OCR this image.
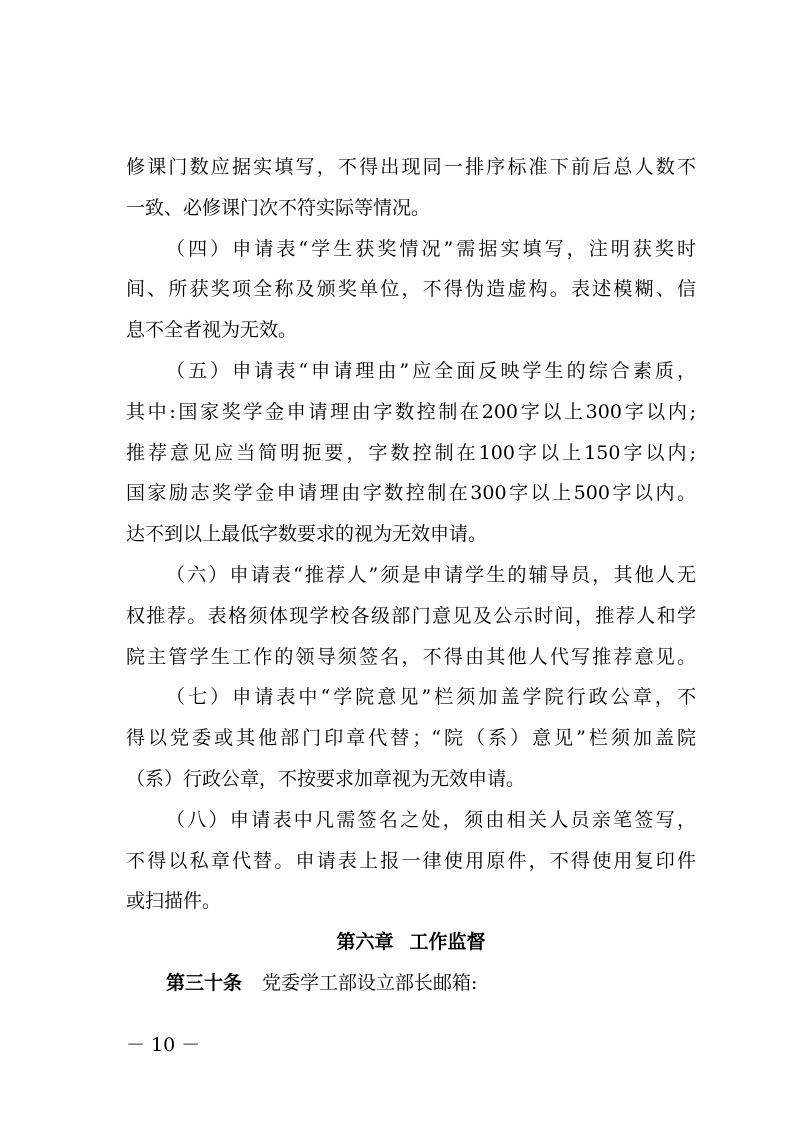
修课门数应据实填写，不得出现同一排序标准下前后总人数不
一致、必修课门次不符实际等情况。
（四）申请表“学生获奖情况”需据实填写，注明获奖时
间、所获奖项全称及颁奖单位，不得伪造虚构。表述模糊、信
息不全者视为无效。
（五）申请表“申请理由”应全面反映学生的综合素质，
其中:国家奖学金申请理由字数控制在200字以上300字以内;
推荐意见应当简明扼要，字数控制在100字以上150字以内;
国家励志奖学金申请理由字数控制在300字以上500字以内。
达不到以上最低字数要求的视为无效申请。
（六）申请表“推荐人”须是申请学生的辅导员，其他人无
权推荐。表格须体现学校各级部门意见及公示时间，推荐人和学
院主管学生工作的领导须签名，不得由其他人代写推荐意见。
（七）申请表中“学院意见”栏须加盖学院行政公章，不
得以党委或其他部门印章代替；“院（系）意见”栏须加盖院
（系）行政公章，不按要求加章视为无效申请。
（八）申请表中凡需签名之处，须由相关人员亲笔签写，
不得以私章代替。申请表上报一律使用原件，不得使用复印件
或扫描件。
第六章 工作监督
第三十条 党委学工部设立部长邮箱:
－ 10 －
